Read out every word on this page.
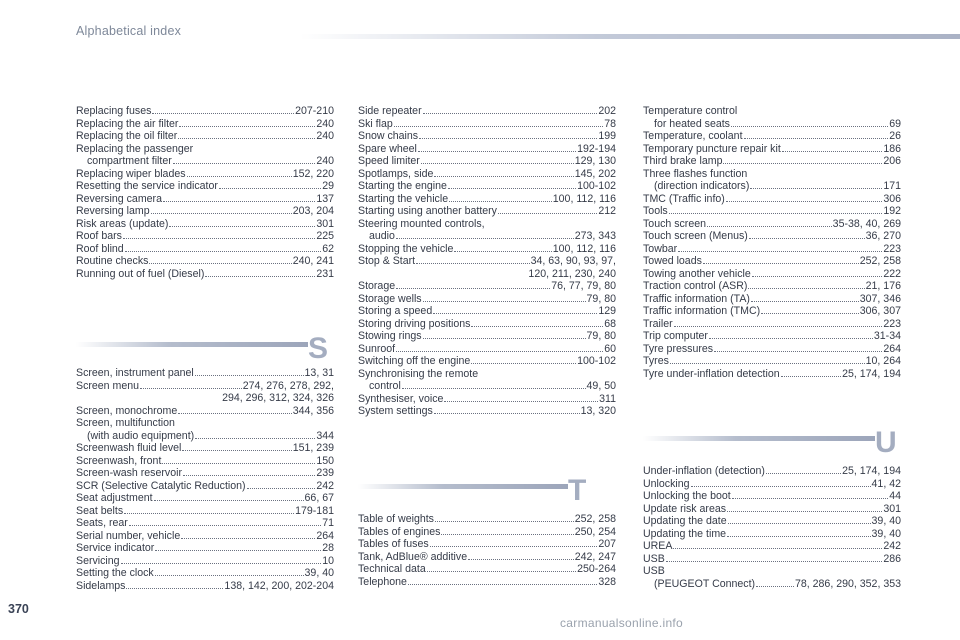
Alphabetical index
Replacing fuses	207-210
Replacing the air filter	240
Replacing the oil filter	240
Replacing the passenger
compartment filter	240
Replacing wiper blades	152, 220
Resetting the service indicator	29
Reversing camera	137
Reversing lamp	203, 204
Risk areas (update)	301
Roof bars	225
Roof blind	62
Routine checks	240, 241
Running out of fuel (Diesel)	231
S
Screen, instrument panel	13, 31
Screen menu	274, 276, 278, 292,
294, 296, 312, 324, 326
Screen, monochrome	344, 356
Screen, multifunction
(with audio equipment)	344
Screenwash fluid level	151, 239
Screenwash, front	150
Screen-wash reservoir	239
SCR (Selective Catalytic Reduction)	242
Seat adjustment	66, 67
Seat belts	179-181
Seats, rear	71
Serial number, vehicle	264
Service indicator	28
Servicing	10
Setting the clock	39, 40
Sidelamps	138, 142, 200, 202-204
Side repeater	202
Ski flap	78
Snow chains	199
Spare wheel	192-194
Speed limiter	129, 130
Spotlamps, side	145, 202
Starting the engine	100-102
Starting the vehicle	100, 112, 116
Starting using another battery	212
Steering mounted controls,
audio	273, 343
Stopping the vehicle	100, 112, 116
Stop & Start	34, 63, 90, 93, 97,
120, 211, 230, 240
Storage	76, 77, 79, 80
Storage wells	79, 80
Storing a speed	129
Storing driving positions	68
Stowing rings	79, 80
Sunroof	60
Switching off the engine	100-102
Synchronising the remote
control	49, 50
Synthesiser, voice	311
System settings	13, 320
T
Table of weights	252, 258
Tables of engines	250, 254
Tables of fuses	207
Tank, AdBlue® additive	242, 247
Technical data	250-264
Telephone	328
Temperature control
for heated seats	69
Temperature, coolant	26
Temporary puncture repair kit	186
Third brake lamp	206
Three flashes function
(direction indicators)	171
TMC (Traffic info)	306
Tools	192
Touch screen	35-38, 40, 269
Touch screen (Menus)	36, 270
Towbar	223
Towed loads	252, 258
Towing another vehicle	222
Traction control (ASR)	21, 176
Traffic information (TA)	307, 346
Traffic information (TMC)	306, 307
Trailer	223
Trip computer	31-34
Tyre pressures	264
Tyres	10, 264
Tyre under-inflation detection	25, 174, 194
U
Under-inflation (detection)	25, 174, 194
Unlocking	41, 42
Unlocking the boot	44
Update risk areas	301
Updating the date	39, 40
Updating the time	39, 40
UREA	242
USB	286
USB
(PEUGEOT Connect)	78, 286, 290, 352, 353
370
carmanualsonline.info
